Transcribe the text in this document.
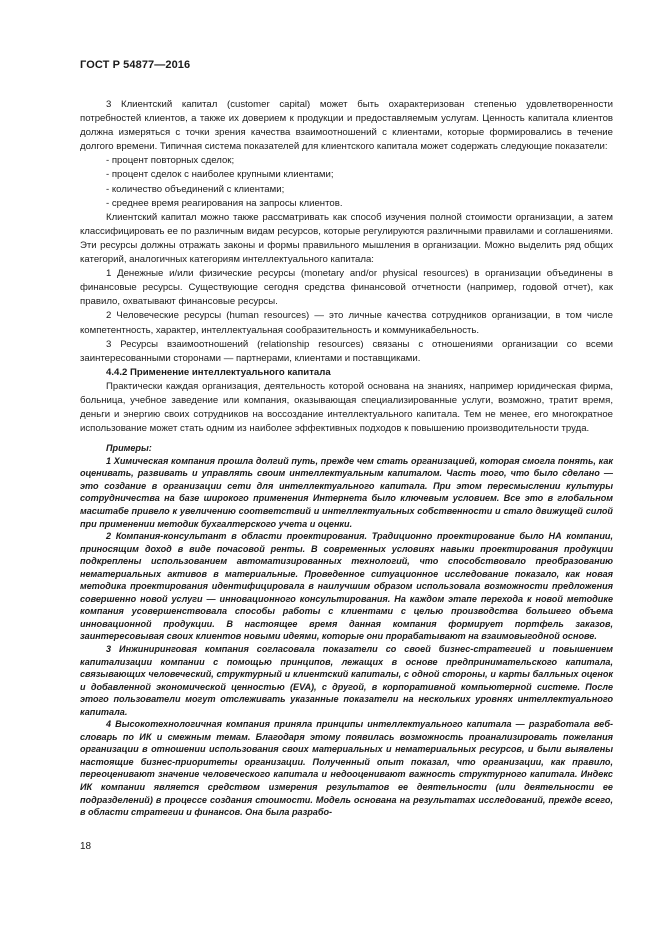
ГОСТ Р 54877—2016

3 Клиентский капитал (customer capital) может быть охарактеризован степенью удовлетворенности потребностей клиентов, а также их доверием к продукции и предоставляемым услугам. Ценность капитала клиентов должна измеряться с точки зрения качества взаимоотношений с клиентами, которые формировались в течение долгого времени. Типичная система показателей для клиентского капитала может содержать следующие показатели:

- процент повторных сделок;

- процент сделок с наиболее крупными клиентами;

- количество объединений с клиентами;

- среднее время реагирования на запросы клиентов.

Клиентский капитал можно также рассматривать как способ изучения полной стоимости организации, а затем классифицировать ее по различным видам ресурсов, которые регулируются различными правилами и соглашениями. Эти ресурсы должны отражать законы и формы правильного мышления в организации. Можно выделить ряд общих категорий, аналогичных категориям интеллектуального капитала:

1 Денежные и/или физические ресурсы (monetary and/or physical resources) в организации объединены в финансовые ресурсы. Существующие сегодня средства финансовой отчетности (например, годовой отчет), как правило, охватывают финансовые ресурсы.

2 Человеческие ресурсы (human resources) — это личные качества сотрудников организации, в том числе компетентность, характер, интеллектуальная сообразительность и коммуникабельность.

3 Ресурсы взаимоотношений (relationship resources) связаны с отношениями организации со всеми заинтересованными сторонами — партнерами, клиентами и поставщиками.

4.4.2 Применение интеллектуального капитала

Практически каждая организация, деятельность которой основана на знаниях, например юридическая фирма, больница, учебное заведение или компания, оказывающая специализированные услуги, возможно, тратит время, деньги и энергию своих сотрудников на воссоздание интеллектуального капитала. Тем не менее, его многократное использование может стать одним из наиболее эффективных подходов к повышению производительности труда.

Примеры:

1 Химическая компания прошла долгий путь, прежде чем стать организацией, которая смогла понять, как оценивать, развивать и управлять своим интеллектуальным капиталом. Часть того, что было сделано — это создание в организации сети для интеллектуального капитала. При этом пересмыслении культуры сотрудничества на базе широкого применения Интернета было ключевым условием. Все это в глобальном масштабе привело к увеличению соответствий и интеллектуальных собственности и стало движущей силой при применении методик бухгалтерского учета и оценки.

2 Компания-консультант в области проектирования. Традиционно проектирование было НА компании, приносящим доход в виде почасовой ренты. В современных условиях навыки проектирования продукции подкреплены использованием автоматизированных технологий, что способствовало преобразованию нематериальных активов в материальные. Проведенное ситуационное исследование показало, как новая методика проектирования идентифицировала в наилучшим образом использовала возможности предложения совершенно новой услуги — инновационного консультирования. На каждом этапе перехода к новой методике компания усовершенствовала способы работы с клиентами с целью производства большего объема инновационной продукции. В настоящее время данная компания формирует портфель заказов, заинтересовывая своих клиентов новыми идеями, которые они прорабатывают на взаимовыгодной основе.

3 Инжиниринговая компания согласовала показатели со своей бизнес-стратегией и повышением капитализации компании с помощью принципов, лежащих в основе предпринимательского капитала, связывающих человеческий, структурный и клиентский капиталы, с одной стороны, и карты балльных оценок и добавленной экономической ценностью (EVA), с другой, в корпоративной компьютерной системе. После этого пользователи могут отслеживать указанные показатели на нескольких уровнях интеллектуального капитала.

4 Высокотехнологичная компания приняла принципы интеллектуального капитала — разработала веб-словарь по ИК и смежным темам. Благодаря этому появилась возможность проанализировать пожелания организации в отношении использования своих материальных и нематериальных ресурсов, и были выявлены настоящие бизнес-приоритеты организации. Полученный опыт показал, что организации, как правило, переоценивают значение человеческого капитала и недооценивают важность структурного капитала. Индекс ИК компании является средством измерения результатов ее деятельности (или деятельности ее подразделений) в процессе создания стоимости. Модель основана на результатах исследований, прежде всего, в области стратегии и финансов. Она была разрабо-

18
